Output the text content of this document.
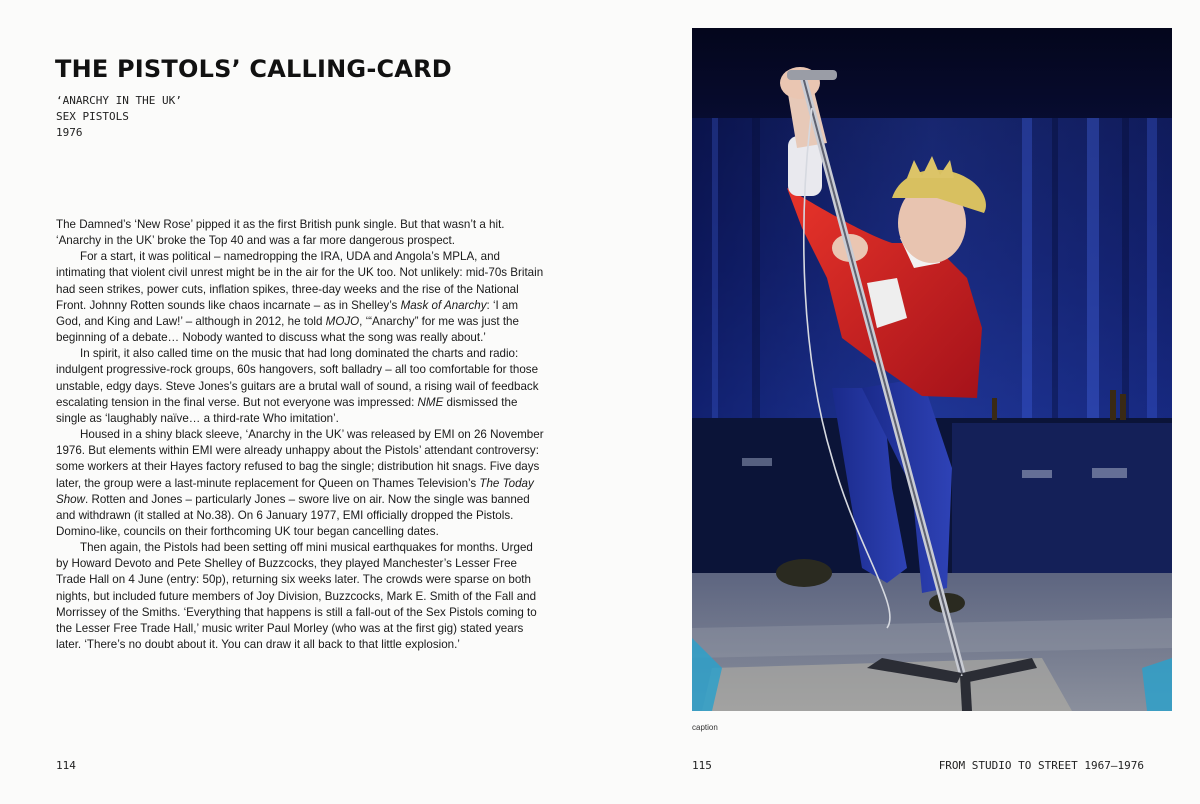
THE PISTOLS’ CALLING-CARD
‘ANARCHY IN THE UK’
SEX PISTOLS
1976

The Damned’s ‘New Rose’ pipped it as the first British punk single. But that wasn’t a hit. ‘Anarchy in the UK’ broke the Top 40 and was a far more dangerous prospect.

For a start, it was political – namedropping the IRA, UDA and Angola’s MPLA, and intimating that violent civil unrest might be in the air for the UK too. Not unlikely: mid-70s Britain had seen strikes, power cuts, inflation spikes, three-day weeks and the rise of the National Front. Johnny Rotten sounds like chaos incarnate – as in Shelley’s Mask of Anarchy: ‘I am God, and King and Law!’ – although in 2012, he told MOJO, ‘“Anarchy” for me was just the beginning of a debate… Nobody wanted to discuss what the song was really about.’

In spirit, it also called time on the music that had long dominated the charts and radio: indulgent progressive-rock groups, 60s hangovers, soft balladry – all too comfortable for those unstable, edgy days. Steve Jones’s guitars are a brutal wall of sound, a rising wail of feedback escalating tension in the final verse. But not everyone was impressed: NME dismissed the single as ‘laughably naïve… a third-rate Who imitation’.

Housed in a shiny black sleeve, ‘Anarchy in the UK’ was released by EMI on 26 November 1976. But elements within EMI were already unhappy about the Pistols’ attendant controversy: some workers at their Hayes factory refused to bag the single; distribution hit snags. Five days later, the group were a last-minute replacement for Queen on Thames Television’s The Today Show. Rotten and Jones – particularly Jones – swore live on air. Now the single was banned and withdrawn (it stalled at No.38). On 6 January 1977, EMI officially dropped the Pistols. Domino-like, councils on their forthcoming UK tour began cancelling dates.

Then again, the Pistols had been setting off mini musical earthquakes for months. Urged by Howard Devoto and Pete Shelley of Buzzcocks, they played Manchester’s Lesser Free Trade Hall on 4 June (entry: 50p), returning six weeks later. The crowds were sparse on both nights, but included future members of Joy Division, Buzzcocks, Mark E. Smith of the Fall and Morrissey of the Smiths. ‘Everything that happens is still a fall-out of the Sex Pistols coming to the Lesser Free Trade Hall,’ music writer Paul Morley (who was at the first gig) stated years later. ‘There’s no doubt about it. You can draw it all back to that little explosion.’

114
caption
115	FROM STUDIO TO STREET 1967–1976
